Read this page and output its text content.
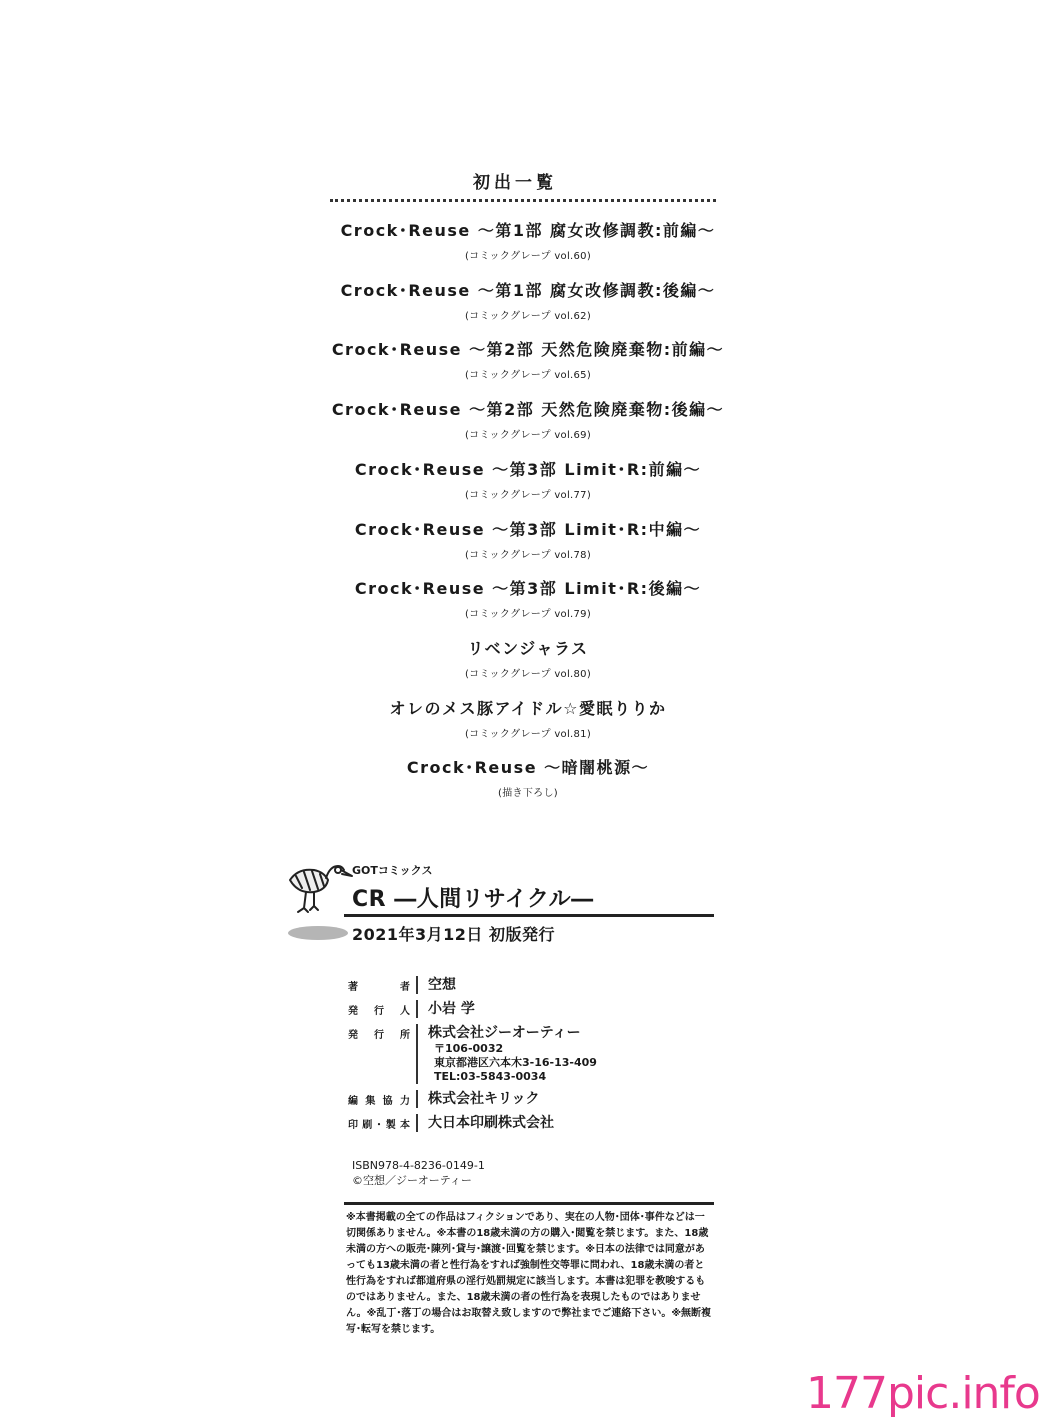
初出一覧
Crock･Reuse ～第1部 腐女改修調教:前編～
(コミックグレープ vol.60)
Crock･Reuse ～第1部 腐女改修調教:後編～
(コミックグレープ vol.62)
Crock･Reuse ～第2部 天然危険廃棄物:前編～
(コミックグレープ vol.65)
Crock･Reuse ～第2部 天然危険廃棄物:後編～
(コミックグレープ vol.69)
Crock･Reuse ～第3部 Limit･R:前編～
(コミックグレープ vol.77)
Crock･Reuse ～第3部 Limit･R:中編～
(コミックグレープ vol.78)
Crock･Reuse ～第3部 Limit･R:後編～
(コミックグレープ vol.79)
リベンジャラス
(コミックグレープ vol.80)
オレのメス豚アイドル☆愛眠りりか
(コミックグレープ vol.81)
Crock･Reuse ～暗闇桃源～
(描き下ろし)
GOTコミックス
CR ―人間リサイクル―
2021年3月12日 初版発行
著　者 空想
発行人 小岩 学
発行所 株式会社ジーオーティー
〒106-0032
東京都港区六本木3-16-13-409
TEL:03-5843-0034
編集協力 株式会社キリック
印刷･製本 大日本印刷株式会社
ISBN978-4-8236-0149-1
©空想／ジーオーティー
※本書掲載の全ての作品はフィクションであり、実在の人物･団体･事件などは一切関係ありません。※本書の18歳未満の方の購入･閲覧を禁じます。また、18歳未満の方への販売･陳列･貸与･譲渡･回覧を禁じます。※日本の法律では同意があっても13歳未満の者と性行為をすれば強制性交等罪に問われ、18歳未満の者と性行為をすれば都道府県の淫行処罰規定に該当します。本書は犯罪を教唆するものではありません。また、18歳未満の者の性行為を表現したものではありません。※乱丁･落丁の場合はお取替え致しますので弊社までご連絡下さい。※無断複写･転写を禁じます。
177pic.info
